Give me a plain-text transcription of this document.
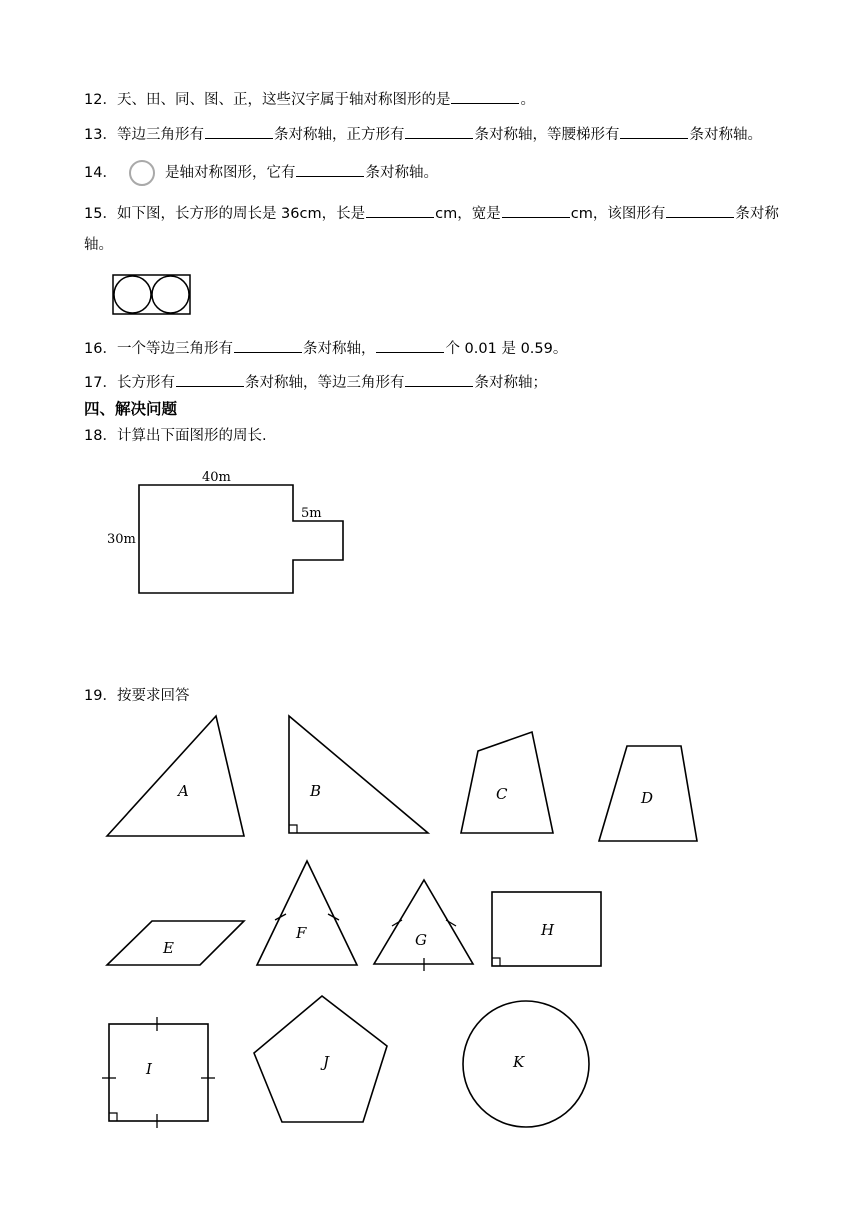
12．天、田、同、图、正，这些汉字属于轴对称图形的是	。
13．等边三角形有	条对称轴，正方形有	条对称轴，等腰梯形有	条对称轴。
14．	是轴对称图形，它有	条对称轴。
15．如下图，长方形的周长是 36cm，长是	cm，宽是	cm，该图形有	条对称
轴。
16．一个等边三角形有	条对称轴，	个 0.01 是 0.59。
17．长方形有	条对称轴，等边三角形有	条对称轴；
四、解决问题
18．计算出下面图形的周长.
40m
30m
5m
19．按要求回答
A	B	C	D
E
F	G
H
I	J	K
